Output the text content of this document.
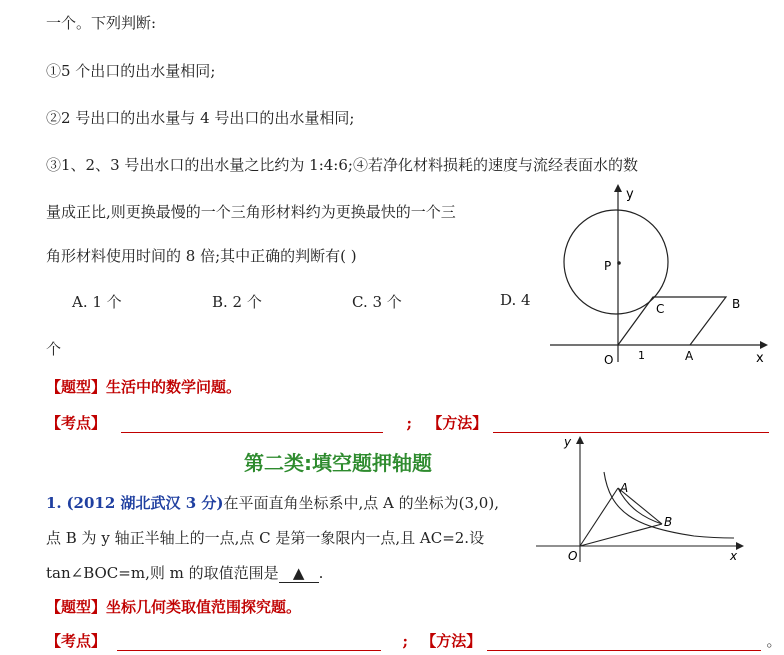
一个。下列判断:
①5 个出口的出水量相同;
②2 号出口的出水量与 4 号出口的出水量相同;
③1、2、3 号出水口的出水量之比约为 1:4:6;④若净化材料损耗的速度与流经表面水的数
量成正比,则更换最慢的一个三角形材料约为更换最快的一个三
角形材料使用时间的 8 倍;其中正确的判断有( )
A. 1 个	B. 2 个	C. 3 个	D. 4
个
【题型】生活中的数学问题。
【考点】	; 【方法】
第二类:填空题押轴题
1. (2012 湖北武汉 3 分)在平面直角坐标系中,点 A 的坐标为(3,0),
点 B 为 y 轴正半轴上的一点,点 C 是第一象限内一点,且 AC=2.设
tan∠BOC=m,则 m 的取值范围是 ▲ .
【题型】坐标几何类取值范围探究题。
【考点】	; 【方法】	。
y
x
P
C	B
O 1	A
y
x
A
B
O
